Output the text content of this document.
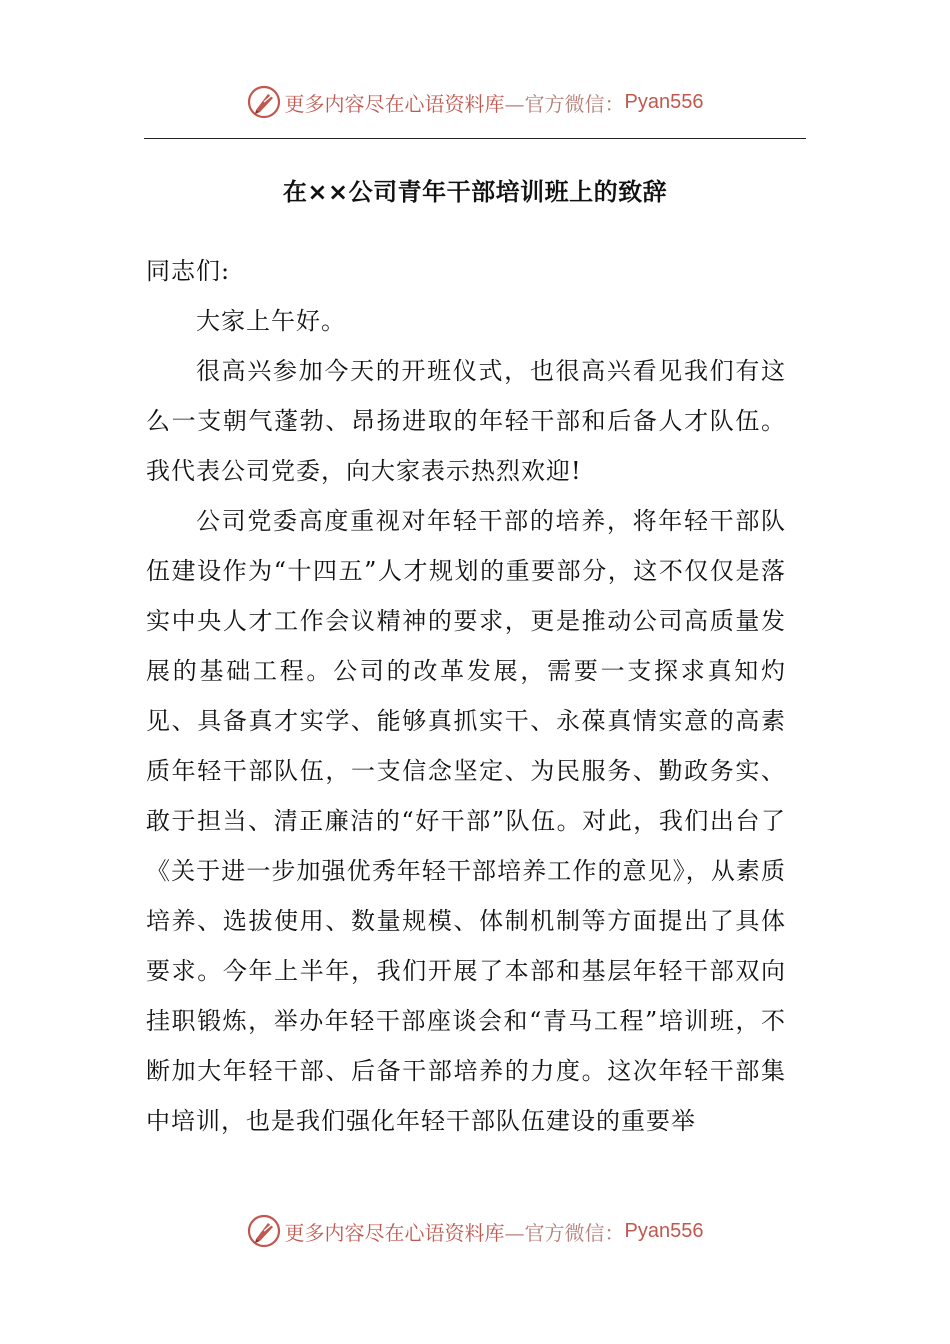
更多内容尽在心语资料库 —官方微信： Pyan556
在××公司青年干部培训班上的致辞

同志们:

大家上午好。

很高兴参加今天的开班仪式，也很高兴看见我们有这么一支朝气蓬勃、昂扬进取的年轻干部和后备人才队伍。我代表公司党委，向大家表示热烈欢迎!

公司党委高度重视对年轻干部的培养，将年轻干部队伍建设作为“十四五”人才规划的重要部分，这不仅仅是落实中央人才工作会议精神的要求，更是推动公司高质量发展的基础工程。公司的改革发展，需要一支探求真知灼见、具备真才实学、能够真抓实干、永葆真情实意的高素质年轻干部队伍，一支信念坚定、为民服务、勤政务实、敢于担当、清正廉洁的“好干部”队伍。对此，我们出台了《关于进一步加强优秀年轻干部培养工作的意见》，从素质培养、选拔使用、数量规模、体制机制等方面提出了具体要求。今年上半年，我们开展了本部和基层年轻干部双向挂职锻炼，举办年轻干部座谈会和“青马工程”培训班，不断加大年轻干部、后备干部培养的力度。这次年轻干部集中培训，也是我们强化年轻干部队伍建设的重要举

更多内容尽在心语资料库 —官方微信： Pyan556
